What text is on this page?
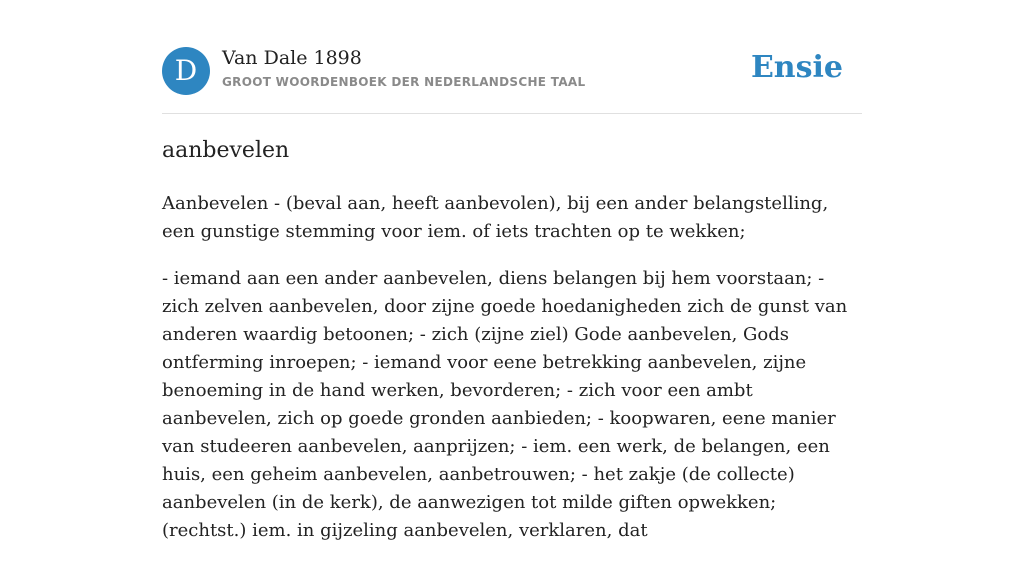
D	Van Dale 1898
GROOT WOORDENBOEK DER NEDERLANDSCHE TAAL	Ensie
aanbevelen

Aanbevelen - (beval aan, heeft aanbevolen), bij een ander belangstelling, een gunstige stemming voor iem. of iets trachten op te wekken;

- iemand aan een ander aanbevelen, diens belangen bij hem voorstaan; - zich zelven aanbevelen, door zijne goede hoedanigheden zich de gunst van anderen waardig betoonen; - zich (zijne ziel) Gode aanbevelen, Gods ontferming inroepen; - iemand voor eene betrekking aanbevelen, zijne benoeming in de hand werken, bevorderen; - zich voor een ambt aanbevelen, zich op goede gronden aanbieden; - koopwaren, eene manier van studeeren aanbevelen, aanprijzen; - iem. een werk, de belangen, een huis, een geheim aanbevelen, aanbetrouwen; - het zakje (de collecte) aanbevelen (in de kerk), de aanwezigen tot milde giften opwekken; (rechtst.) iem. in gijzeling aanbevelen, verklaren, dat
